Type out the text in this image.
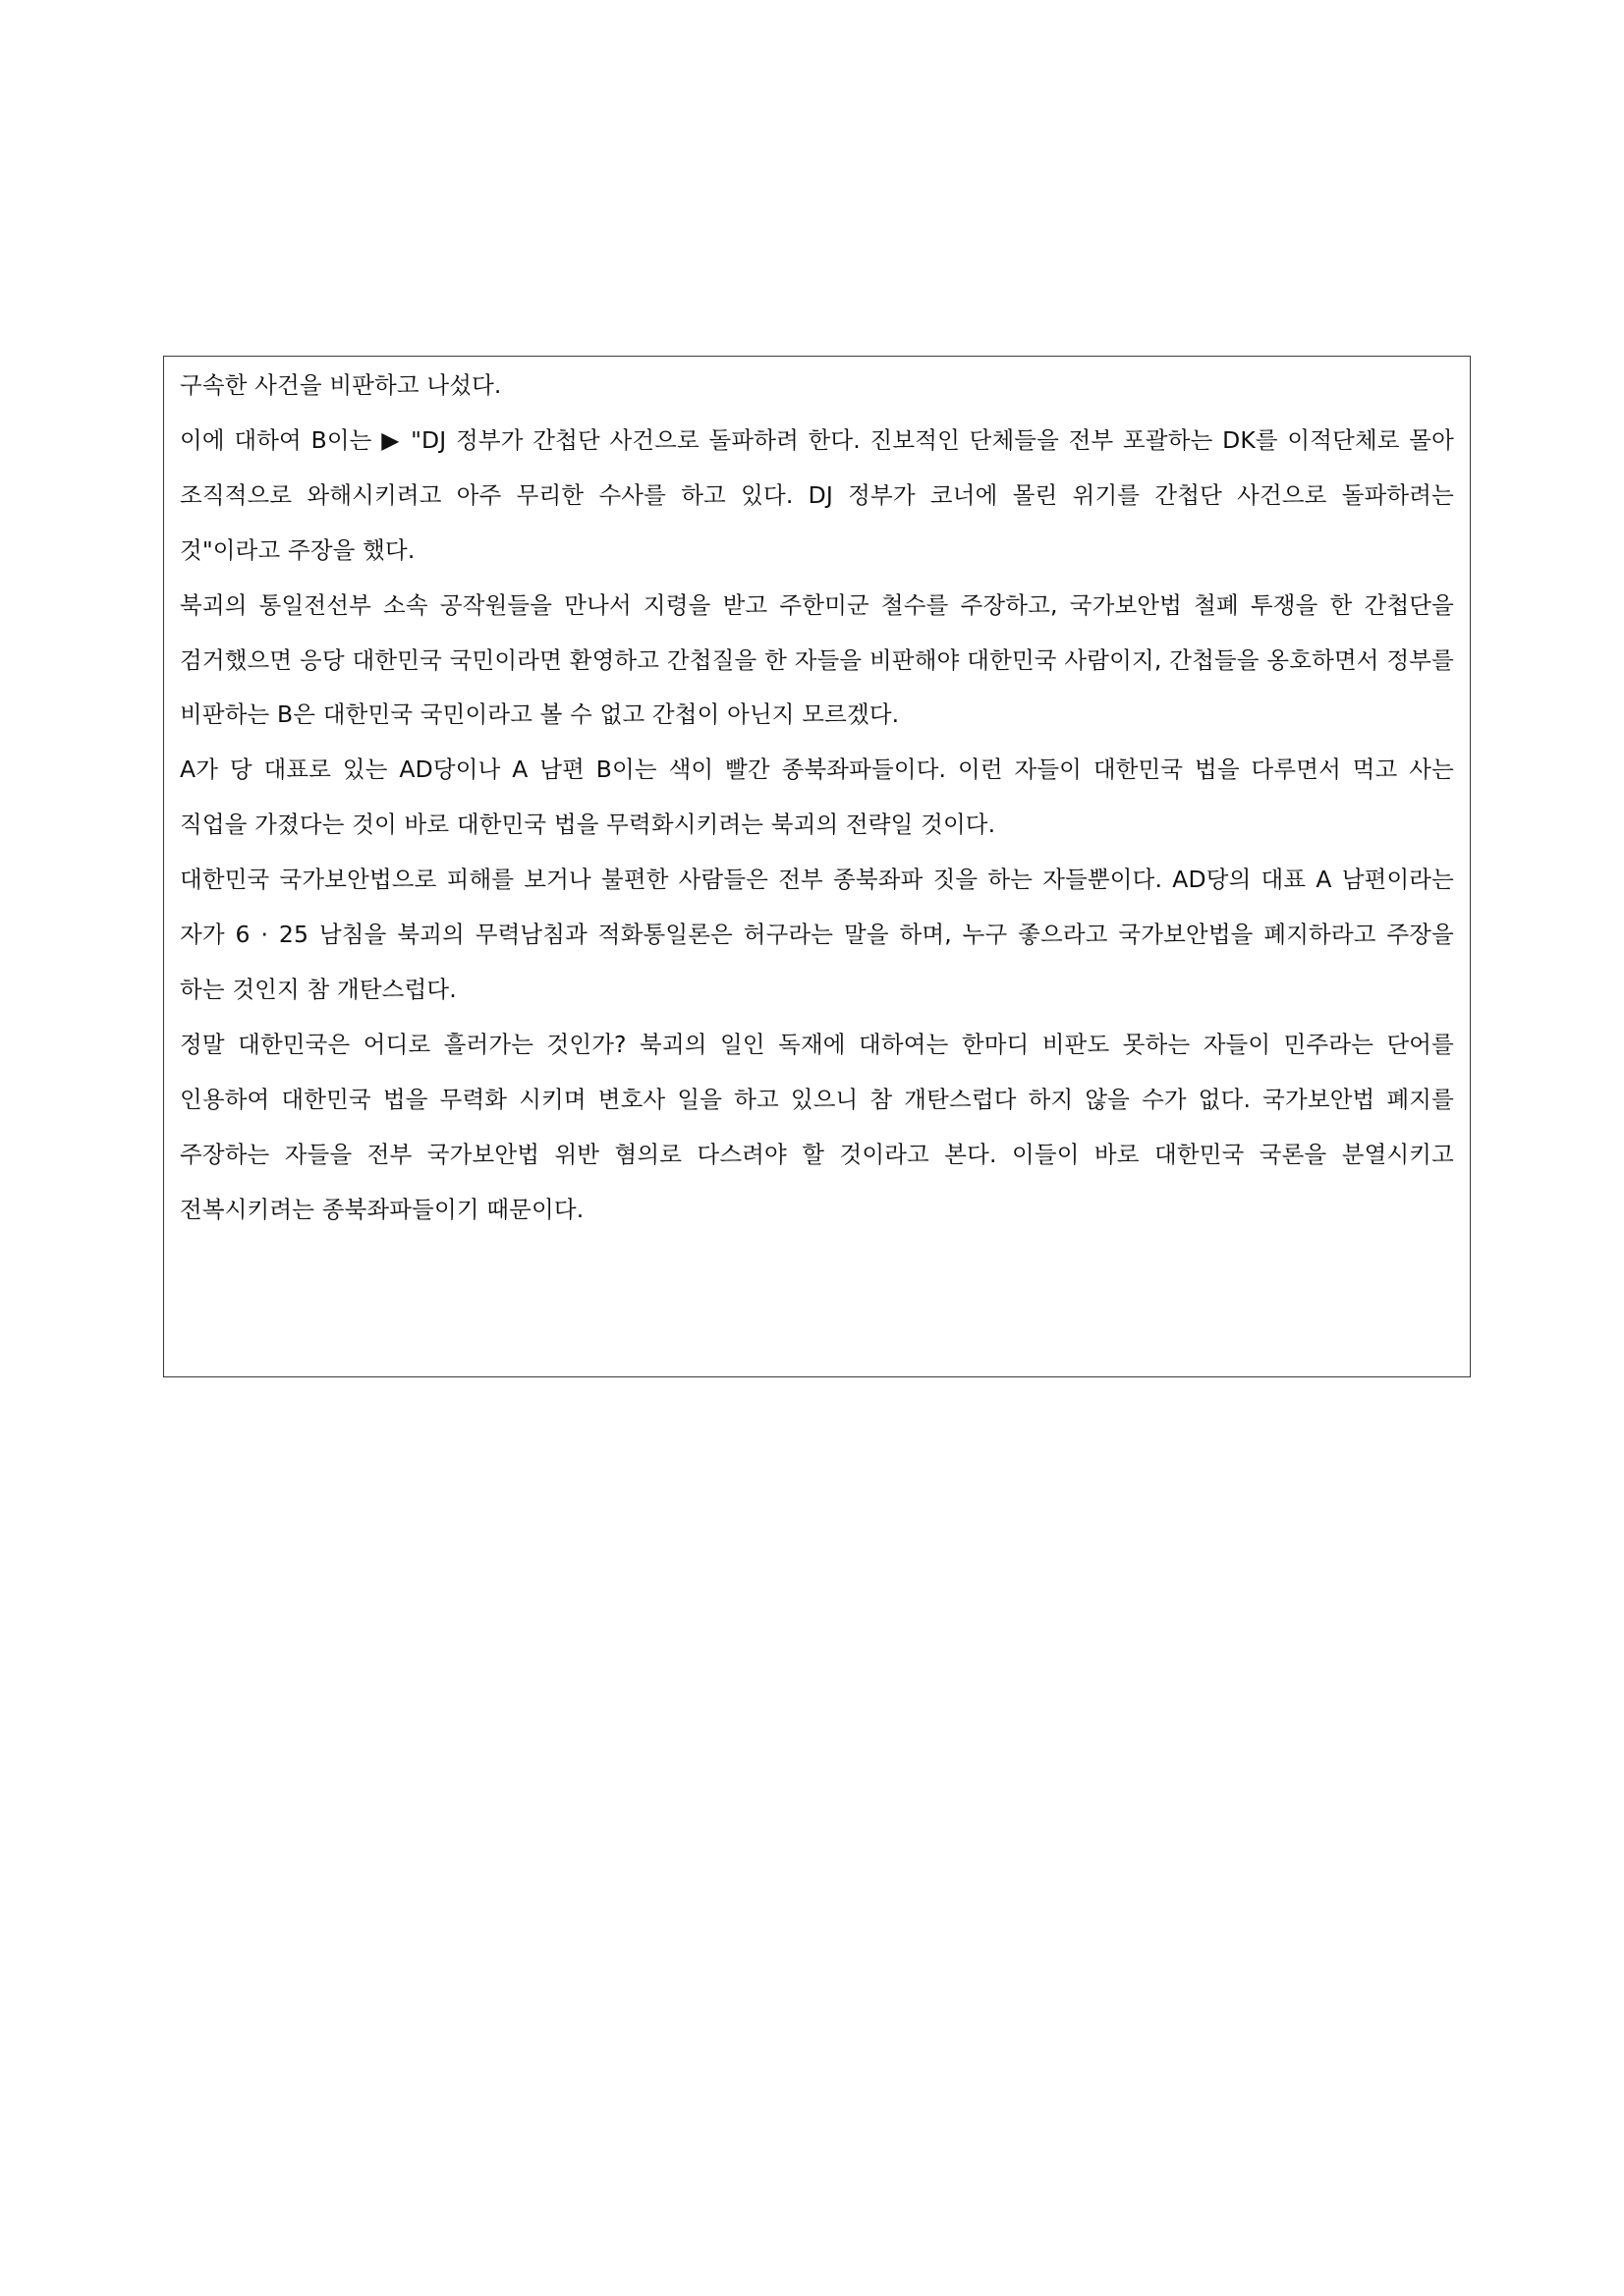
구속한 사건을 비판하고 나섰다.

이에 대하여 B이는 ▶ "DJ 정부가 간첩단 사건으로 돌파하려 한다. 진보적인 단체들을 전부 포괄하는 DK를 이적단체로 몰아 조직적으로 와해시키려고 아주 무리한 수사를 하고 있다. DJ 정부가 코너에 몰린 위기를 간첩단 사건으로 돌파하려는 것"이라고 주장을 했다.

북괴의 통일전선부 소속 공작원들을 만나서 지령을 받고 주한미군 철수를 주장하고, 국가보안법 철폐 투쟁을 한 간첩단을 검거했으면 응당 대한민국 국민이라면 환영하고 간첩질을 한 자들을 비판해야 대한민국 사람이지, 간첩들을 옹호하면서 정부를 비판하는 B은 대한민국 국민이라고 볼 수 없고 간첩이 아닌지 모르겠다.

A가 당 대표로 있는 AD당이나 A 남편 B이는 색이 빨간 종북좌파들이다. 이런 자들이 대한민국 법을 다루면서 먹고 사는 직업을 가졌다는 것이 바로 대한민국 법을 무력화시키려는 북괴의 전략일 것이다.

대한민국 국가보안법으로 피해를 보거나 불편한 사람들은 전부 종북좌파 짓을 하는 자들뿐이다. AD당의 대표 A 남편이라는 자가 6 · 25 남침을 북괴의 무력남침과 적화통일론은 허구라는 말을 하며, 누구 좋으라고 국가보안법을 폐지하라고 주장을 하는 것인지 참 개탄스럽다.

정말 대한민국은 어디로 흘러가는 것인가? 북괴의 일인 독재에 대하여는 한마디 비판도 못하는 자들이 민주라는 단어를 인용하여 대한민국 법을 무력화 시키며 변호사 일을 하고 있으니 참 개탄스럽다 하지 않을 수가 없다. 국가보안법 폐지를 주장하는 자들을 전부 국가보안법 위반 혐의로 다스려야 할 것이라고 본다. 이들이 바로 대한민국 국론을 분열시키고 전복시키려는 종북좌파들이기 때문이다.
